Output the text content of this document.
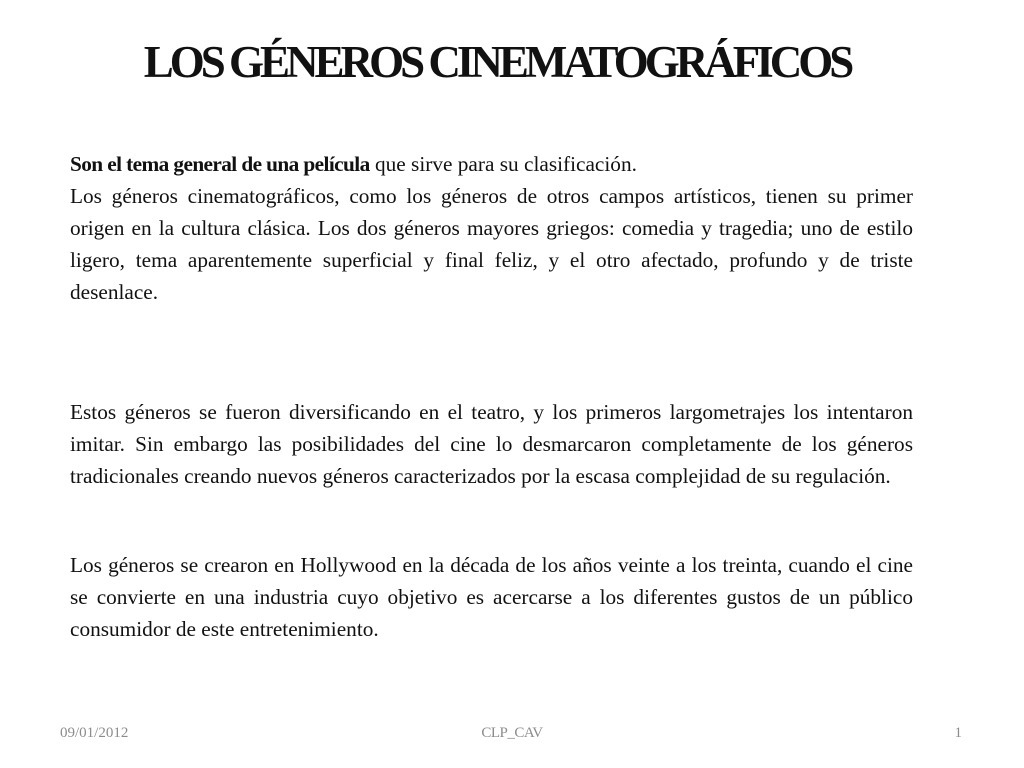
LOS GÉNEROS CINEMATOGRÁFICOS

Son el tema general de una película que sirve para su clasificación.

Los géneros cinematográficos, como los géneros de otros campos artísticos, tienen su primer origen en la cultura clásica. Los dos géneros mayores griegos: comedia y tragedia; uno de estilo ligero, tema aparentemente superficial y final feliz, y el otro afectado, profundo y de triste desenlace.

Estos géneros se fueron diversificando en el teatro, y los primeros largometrajes los intentaron imitar. Sin embargo las posibilidades del cine lo desmarcaron completamente de los géneros tradicionales creando nuevos géneros caracterizados por la escasa complejidad de su regulación.

Los géneros se crearon en Hollywood en la década de los años veinte a los treinta, cuando el cine se convierte en una industria cuyo objetivo es acercarse a los diferentes gustos de un público consumidor de este entretenimiento.

09/01/2012	CLP_CAV	1
